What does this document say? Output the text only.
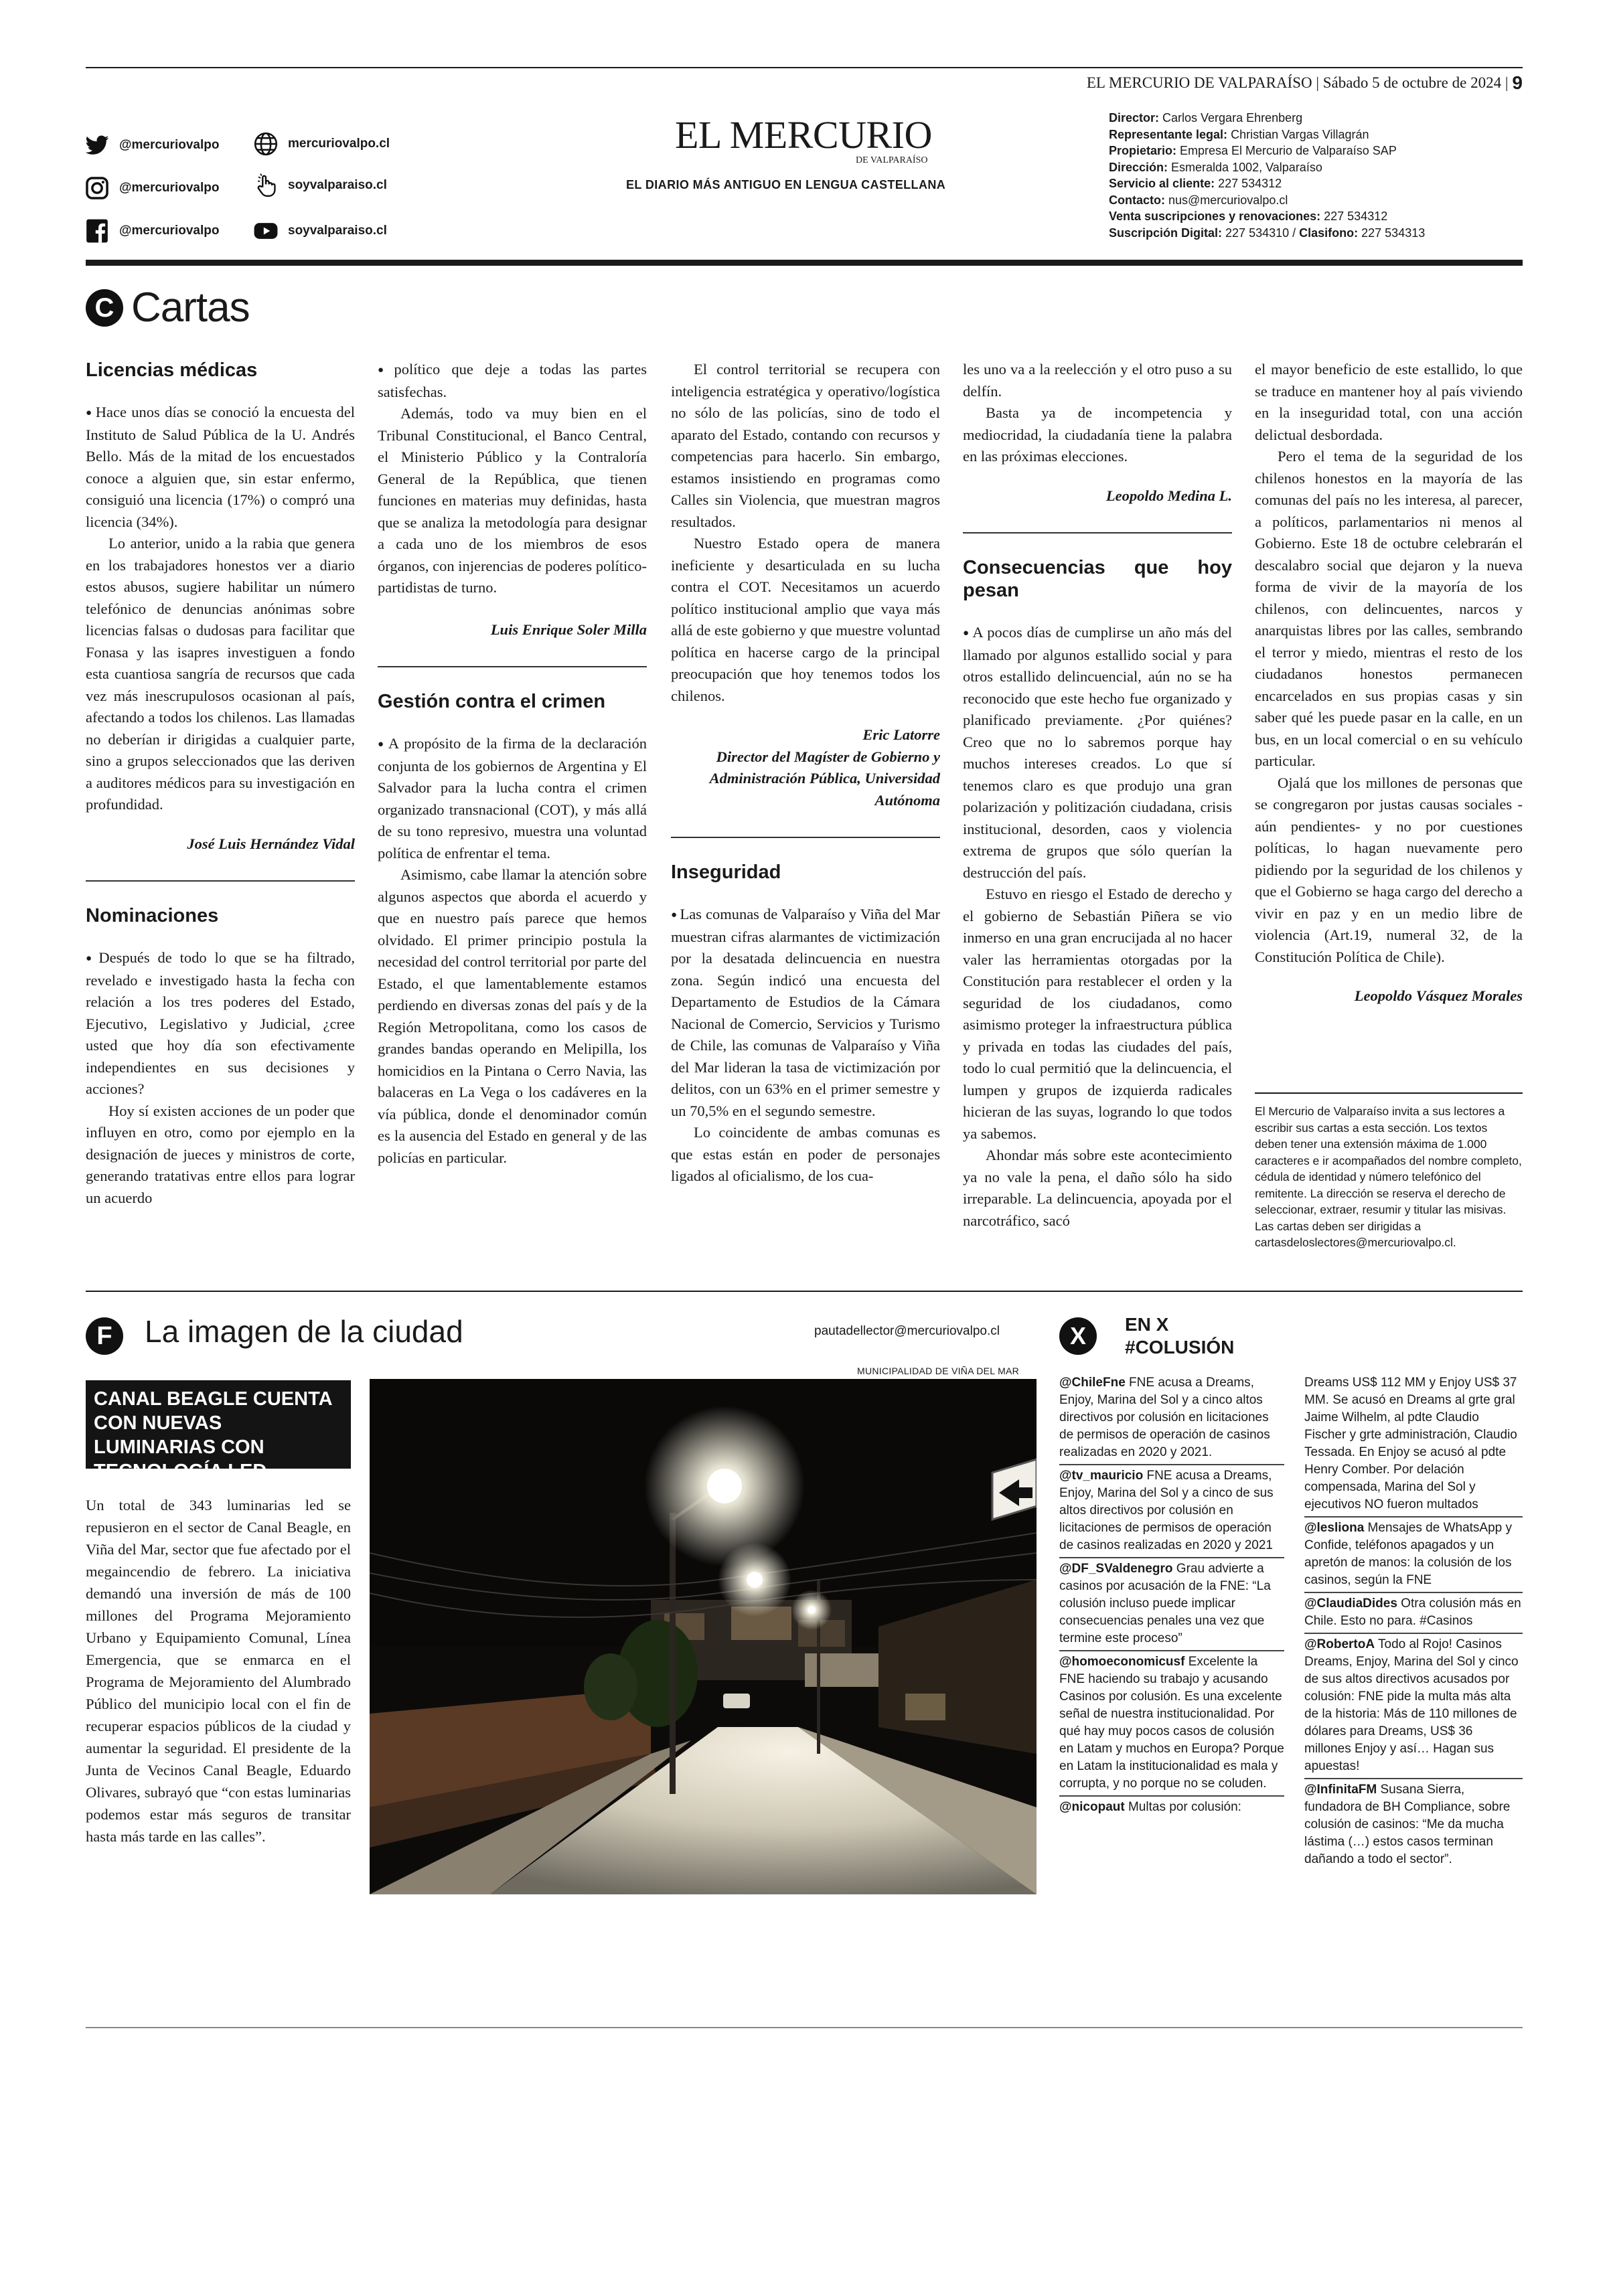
EL MERCURIO DE VALPARAÍSO | Sábado 5 de octubre de 2024 | 9
@mercuriovalpo	mercuriovalpo.cl
@mercuriovalpo	soyvalparaiso.cl
@mercuriovalpo	soyvalparaiso.cl
EL MERCURIO
DE VALPARAÍSO
EL DIARIO MÁS ANTIGUO EN LENGUA CASTELLANA
Director: Carlos Vergara Ehrenberg
Representante legal: Christian Vargas Villagrán
Propietario: Empresa El Mercurio de Valparaíso SAP
Dirección: Esmeralda 1002, Valparaíso
Servicio al cliente: 227 534312
Contacto: nus@mercuriovalpo.cl
Venta suscripciones y renovaciones: 227 534312
Suscripción Digital: 227 534310 / Clasifono: 227 534313
C Cartas
Licencias médicas

● Hace unos días se conoció la encuesta del Instituto de Salud Pública de la U. Andrés Bello. Más de la mitad de los encuestados conoce a alguien que, sin estar enfermo, consiguió una licencia (17%) o compró una licencia (34%).

Lo anterior, unido a la rabia que genera en los trabajadores honestos ver a diario estos abusos, sugiere habilitar un número telefónico de denuncias anónimas sobre licencias falsas o dudosas para facilitar que Fonasa y las isapres investiguen a fondo esta cuantiosa sangría de recursos que cada vez más inescrupulosos ocasionan al país, afectando a todos los chilenos. Las llamadas no deberían ir dirigidas a cualquier parte, sino a grupos seleccionados que las deriven a auditores médicos para su investigación en profundidad.

José Luis Hernández Vidal

Nominaciones

● Después de todo lo que se ha filtrado, revelado e investigado hasta la fecha con relación a los tres poderes del Estado, Ejecutivo, Legislativo y Judicial, ¿cree usted que hoy día son efectivamente independientes en sus decisiones y acciones?

Hoy sí existen acciones de un poder que influyen en otro, como por ejemplo en la designación de jueces y ministros de corte, generando tratativas entre ellos para lograr un acuerdo

● político que deje a todas las partes satisfechas.

Además, todo va muy bien en el Tribunal Constitucional, el Banco Central, el Ministerio Público y la Contraloría General de la República, que tienen funciones en materias muy definidas, hasta que se analiza la metodología para designar a cada uno de los miembros de esos órganos, con injerencias de poderes político-partidistas de turno.

Luis Enrique Soler Milla

Gestión contra el crimen

● A propósito de la firma de la declaración conjunta de los gobiernos de Argentina y El Salvador para la lucha contra el crimen organizado transnacional (COT), y más allá de su tono represivo, muestra una voluntad política de enfrentar el tema.

Asimismo, cabe llamar la atención sobre algunos aspectos que aborda el acuerdo y que en nuestro país parece que hemos olvidado. El primer principio postula la necesidad del control territorial por parte del Estado, el que lamentablemente estamos perdiendo en diversas zonas del país y de la Región Metropolitana, como los casos de grandes bandas operando en Melipilla, los homicidios en la Pintana o Cerro Navia, las balaceras en La Vega o los cadáveres en la vía pública, donde el denominador común es la ausencia del Estado en general y de las policías en particular.

El control territorial se recupera con inteligencia estratégica y operativo/logística no sólo de las policías, sino de todo el aparato del Estado, contando con recursos y competencias para hacerlo. Sin embargo, estamos insistiendo en programas como Calles sin Violencia, que muestran magros resultados.

Nuestro Estado opera de manera ineficiente y desarticulada en su lucha contra el COT. Necesitamos un acuerdo político institucional amplio que vaya más allá de este gobierno y que muestre voluntad política en hacerse cargo de la principal preocupación que hoy tenemos todos los chilenos.

Eric Latorre

Director del Magíster de Gobierno y Administración Pública, Universidad Autónoma

Inseguridad

● Las comunas de Valparaíso y Viña del Mar muestran cifras alarmantes de victimización por la desatada delincuencia en nuestra zona. Según indicó una encuesta del Departamento de Estudios de la Cámara Nacional de Comercio, Servicios y Turismo de Chile, las comunas de Valparaíso y Viña del Mar lideran la tasa de victimización por delitos, con un 63% en el primer semestre y un 70,5% en el segundo semestre.

Lo coincidente de ambas comunas es que estas están en poder de personajes ligados al oficialismo, de los cua-

les uno va a la reelección y el otro puso a su delfín.

Basta ya de incompetencia y mediocridad, la ciudadanía tiene la palabra en las próximas elecciones.

Leopoldo Medina L.

Consecuencias que hoy pesan

● A pocos días de cumplirse un año más del llamado por algunos estallido social y para otros estallido delincuencial, aún no se ha reconocido que este hecho fue organizado y planificado previamente. ¿Por quiénes? Creo que no lo sabremos porque hay muchos intereses creados. Lo que sí tenemos claro es que produjo una gran polarización y politización ciudadana, crisis institucional, desorden, caos y violencia extrema de grupos que sólo querían la destrucción del país.

Estuvo en riesgo el Estado de derecho y el gobierno de Sebastián Piñera se vio inmerso en una gran encrucijada al no hacer valer las herramientas otorgadas por la Constitución para restablecer el orden y la seguridad de los ciudadanos, como asimismo proteger la infraestructura pública y privada en todas las ciudades del país, todo lo cual permitió que la delincuencia, el lumpen y grupos de izquierda radicales hicieran de las suyas, logrando lo que todos ya sabemos.

Ahondar más sobre este acontecimiento ya no vale la pena, el daño sólo ha sido irreparable. La delincuencia, apoyada por el narcotráfico, sacó

el mayor beneficio de este estallido, lo que se traduce en mantener hoy al país viviendo en la inseguridad total, con una acción delictual desbordada.

Pero el tema de la seguridad de los chilenos honestos en la mayoría de las comunas del país no les interesa, al parecer, a políticos, parlamentarios ni menos al Gobierno. Este 18 de octubre celebrarán el descalabro social que dejaron y la nueva forma de vivir de la mayoría de los chilenos, con delincuentes, narcos y anarquistas libres por las calles, sembrando el terror y miedo, mientras el resto de los ciudadanos honestos permanecen encarcelados en sus propias casas y sin saber qué les puede pasar en la calle, en un bus, en un local comercial o en su vehículo particular.

Ojalá que los millones de personas que se congregaron por justas causas sociales -aún pendientes- y no por cuestiones políticas, lo hagan nuevamente pero pidiendo por la seguridad de los chilenos y que el Gobierno se haga cargo del derecho a vivir en paz y en un medio libre de violencia (Art.19, numeral 32, de la Constitución Política de Chile).

Leopoldo Vásquez Morales

El Mercurio de Valparaíso invita a sus lectores a escribir sus cartas a esta sección. Los textos deben tener una extensión máxima de 1.000 caracteres e ir acompañados del nombre completo, cédula de identidad y número telefónico del remitente. La dirección se reserva el derecho de seleccionar, extraer, resumir y titular las misivas. Las cartas deben ser dirigidas a cartasdeloslectores@mercuriovalpo.cl.
F	La imagen de la ciudad	pautadellector@mercuriovalpo.cl
CANAL BEAGLE CUENTA CON NUEVAS LUMINARIAS CON TECNOLOGÍA LED

Un total de 343 luminarias led se repusieron en el sector de Canal Beagle, en Viña del Mar, sector que fue afectado por el megaincendio de febrero. La iniciativa demandó una inversión de más de 100 millones del Programa Mejoramiento Urbano y Equipamiento Comunal, Línea Emergencia, que se enmarca en el Programa de Mejoramiento del Alumbrado Público del municipio local con el fin de recuperar espacios públicos de la ciudad y aumentar la seguridad. El presidente de la Junta de Vecinos Canal Beagle, Eduardo Olivares, subrayó que “con estas luminarias podemos estar más seguros de transitar hasta más tarde en las calles”.

MUNICIPALIDAD DE VIÑA DEL MAR
X	EN X
#COLUSIÓN
@ChileFne FNE acusa a Dreams, Enjoy, Marina del Sol y a cinco altos directivos por colusión en licitaciones de permisos de operación de casinos realizadas en 2020 y 2021.
@tv_mauricio FNE acusa a Dreams, Enjoy, Marina del Sol y a cinco de sus altos directivos por colusión en licitaciones de permisos de operación de casinos realizadas en 2020 y 2021
@DF_SValdenegro Grau advierte a casinos por acusación de la FNE: “La colusión incluso puede implicar consecuencias penales una vez que termine este proceso”
@homoeconomicusf Excelente la FNE haciendo su trabajo y acusando Casinos por colusión. Es una excelente señal de nuestra institucionalidad. Por qué hay muy pocos casos de colusión en Latam y muchos en Europa? Porque en Latam la institucionalidad es mala y corrupta, y no porque no se coluden.
@nicopaut Multas por colusión:
Dreams US$ 112 MM y Enjoy US$ 37 MM. Se acusó en Dreams al grte gral Jaime Wilhelm, al pdte Claudio Fischer y grte administración, Claudio Tessada. En Enjoy se acusó al pdte Henry Comber. Por delación compensada, Marina del Sol y ejecutivos NO fueron multados
@lesliona Mensajes de WhatsApp y Confide, teléfonos apagados y un apretón de manos: la colusión de los casinos, según la FNE
@ClaudiaDides Otra colusión más en Chile. Esto no para. #Casinos
@RobertoA Todo al Rojo! Casinos Dreams, Enjoy, Marina del Sol y cinco de sus altos directivos acusados por colusión: FNE pide la multa más alta de la historia: Más de 110 millones de dólares para Dreams, US$ 36 millones Enjoy y así… Hagan sus apuestas!
@InfinitaFM Susana Sierra, fundadora de BH Compliance, sobre colusión de casinos: “Me da mucha lástima (…) estos casos terminan dañando a todo el sector”.
